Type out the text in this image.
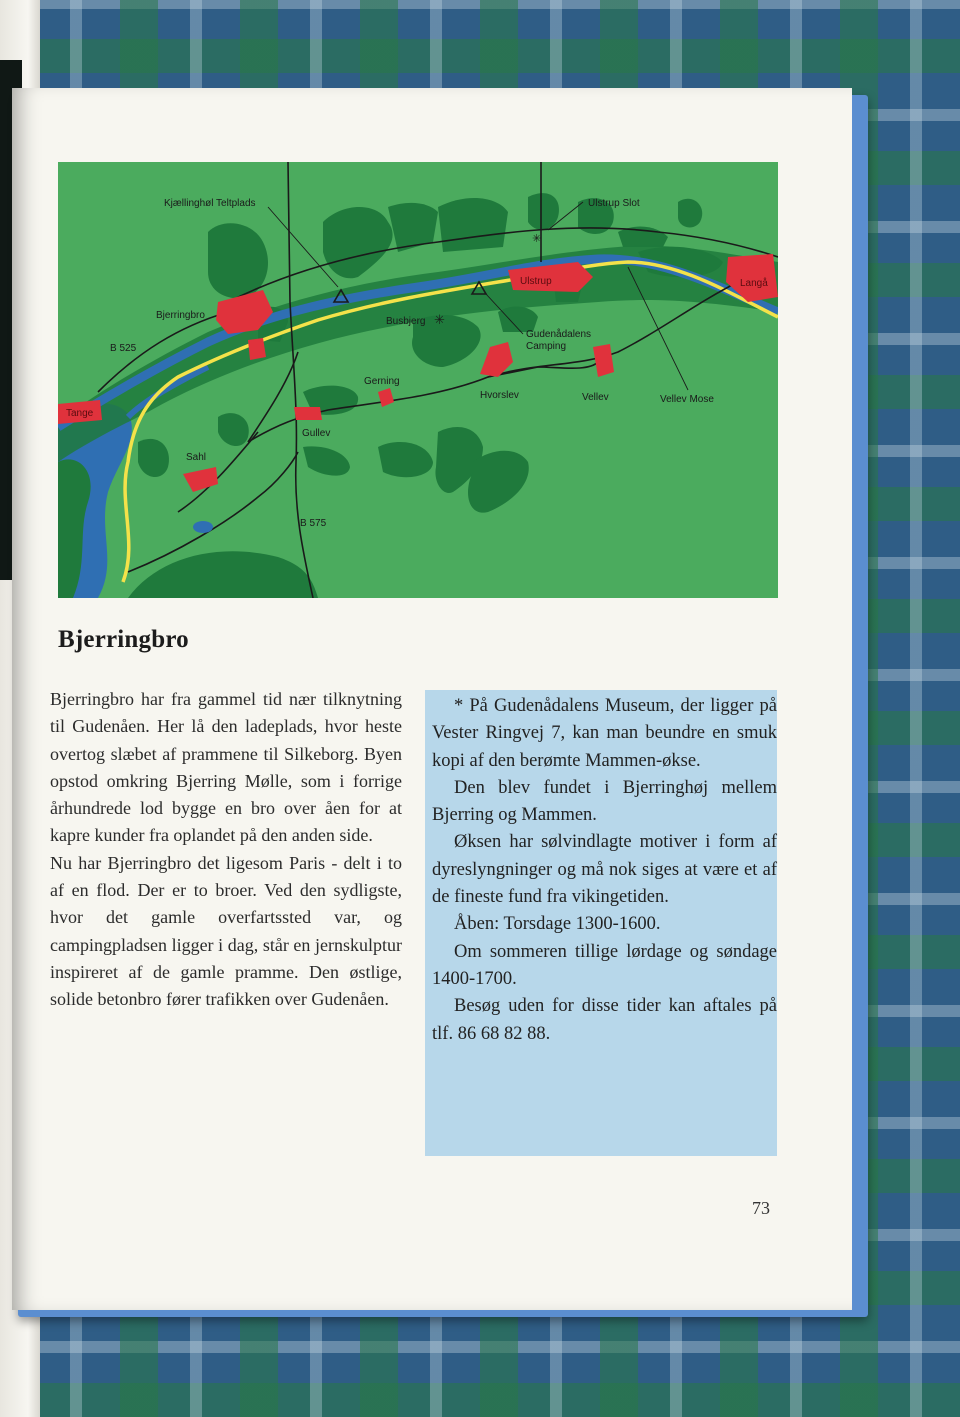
✳
✳
Kjællinghøl Teltplads	Ulstrup Slot
Bjerringbro
B 525
Busbjerg
Ulstrup
Gudenådalens
Camping
Langå
Tange
Gerning
Hvorslev	Vellev	Vellev Mose
Gullev
Sahl
B 575
Bjerringbro

Bjerringbro har fra gammel tid nær tilknytning til Gudenåen. Her lå den ladeplads, hvor heste overtog slæbet af prammene til Silkeborg. Byen opstod omkring Bjerring Mølle, som i forrige århundrede lod bygge en bro over åen for at kapre kunder fra oplandet på den anden side.

Nu har Bjerringbro det ligesom Paris - delt i to af en flod. Der er to broer. Ved den sydligste, hvor det gamle overfartssted var, og campingpladsen ligger i dag, står en jernskulptur inspireret af de gamle pramme. Den østlige, solide betonbro fører trafikken over Gudenåen.

* På Gudenådalens Museum, der ligger på Vester Ringvej 7, kan man beundre en smuk kopi af den berømte Mammen-økse.

Den blev fundet i Bjerringhøj mellem Bjerring og Mammen.

Øksen har sølvindlagte motiver i form af dyreslyngninger og må nok siges at være et af de fineste fund fra vikingetiden.

Åben: Torsdage 1300-1600.

Om sommeren tillige lørdage og søndage 1400-1700.

Besøg uden for disse tider kan aftales på tlf. 86 68 82 88.

73
